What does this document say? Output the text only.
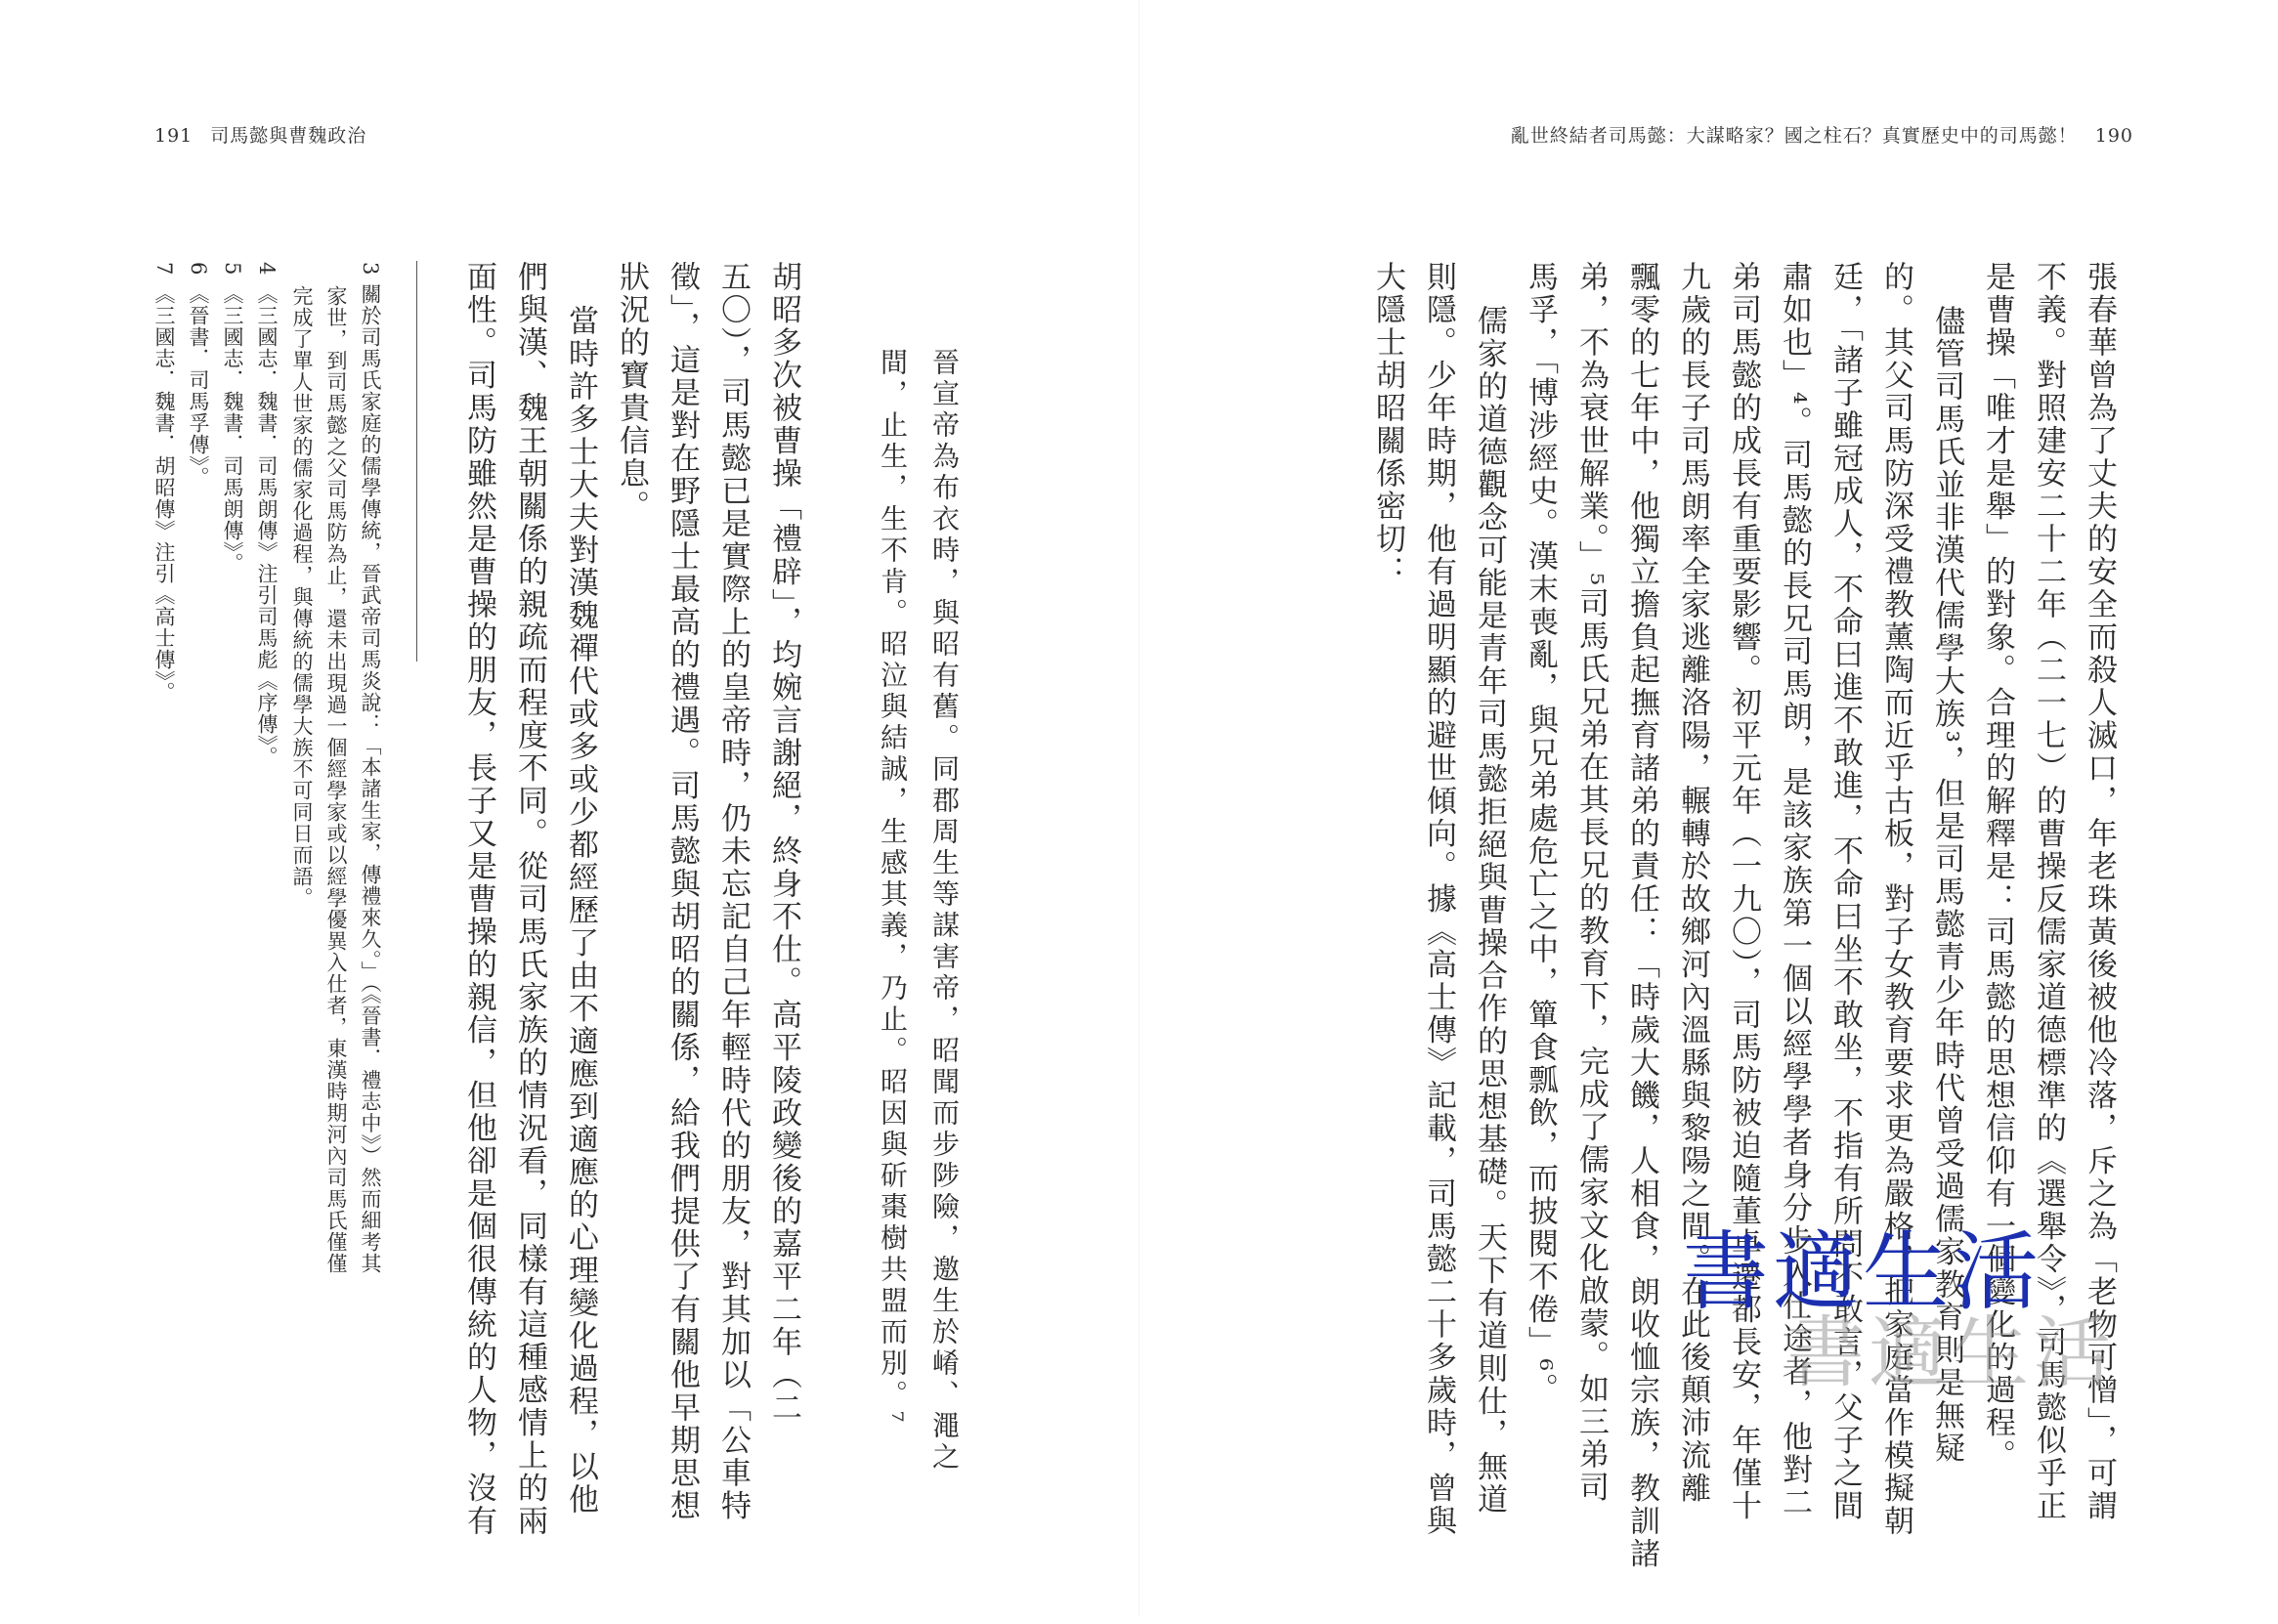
191 司馬懿與曹魏政治
晉宣帝為布衣時，與昭有舊。同郡周生等謀害帝，昭聞而步陟險，邀生於崤、澠之
間，止生，生不肯。昭泣與結誠，生感其義，乃止。昭因與斫棗樹共盟而別。⁷
胡昭多次被曹操「禮辟」，均婉言謝絕，終身不仕。高平陵政變後的嘉平二年（二
五〇），司馬懿已是實際上的皇帝時，仍未忘記自己年輕時代的朋友，對其加以「公車特
徵」，這是對在野隱士最高的禮遇。司馬懿與胡昭的關係，給我們提供了有關他早期思想
狀況的寶貴信息。
當時許多士大夫對漢魏禪代或多或少都經歷了由不適應到適應的心理變化過程，以他
們與漢、魏王朝關係的親疏而程度不同。從司馬氏家族的情況看，同樣有這種感情上的兩
面性。司馬防雖然是曹操的朋友，長子又是曹操的親信，但他卻是個很傳統的人物，沒有
3 關於司馬氏家庭的儒學傳統，晉武帝司馬炎說：「本諸生家，傳禮來久。」（《晉書．禮志中》）然而細考其
家世，到司馬懿之父司馬防為止，還未出現過一個經學家或以經學優異入仕者，東漢時期河內司馬氏僅僅
完成了單人世家的儒家化過程，與傳統的儒學大族不可同日而語。
4 《三國志．魏書．司馬朗傳》注引司馬彪《序傳》。
5 《三國志．魏書．司馬朗傳》。
6 《晉書．司馬孚傳》。
7 《三國志．魏書．胡昭傳》注引《高士傳》。
亂世終結者司馬懿：大謀略家？國之柱石？真實歷史中的司馬懿！ 190
張春華曾為了丈夫的安全而殺人滅口，年老珠黃後被他冷落，斥之為「老物可憎」，可謂
不義。對照建安二十二年（二一七）的曹操反儒家道德標準的《選舉令》，司馬懿似乎正
是曹操「唯才是舉」的對象。合理的解釋是：司馬懿的思想信仰有一個變化的過程。
儘管司馬氏並非漢代儒學大族³，但是司馬懿青少年時代曾受過儒家教育則是無疑
的。其父司馬防深受禮教薰陶而近乎古板，對子女教育要求更為嚴格，把家庭當作模擬朝
廷，「諸子雖冠成人，不命曰進不敢進，不命曰坐不敢坐，不指有所問不敢言，父子之間
肅如也」⁴。司馬懿的長兄司馬朗，是該家族第一個以經學學者身分步入仕途者，他對二
弟司馬懿的成長有重要影響。初平元年（一九〇），司馬防被迫隨董卓遷都長安，年僅十
九歲的長子司馬朗率全家逃離洛陽，輾轉於故鄉河內溫縣與黎陽之間。在此後顛沛流離
飄零的七年中，他獨立擔負起撫育諸弟的責任：「時歲大饑，人相食，朗收恤宗族，教訓諸
弟，不為衰世解業。」⁵司馬氏兄弟在其長兄的教育下，完成了儒家文化啟蒙。如三弟司
馬孚，「博涉經史。漢末喪亂，與兄弟處危亡之中，簞食瓢飲，而披閱不倦」⁶。
儒家的道德觀念可能是青年司馬懿拒絕與曹操合作的思想基礎。天下有道則仕，無道
則隱。少年時期，他有過明顯的避世傾向。據《高士傳》記載，司馬懿二十多歲時，曾與
大隱士胡昭關係密切：
書適生活
書適生活
